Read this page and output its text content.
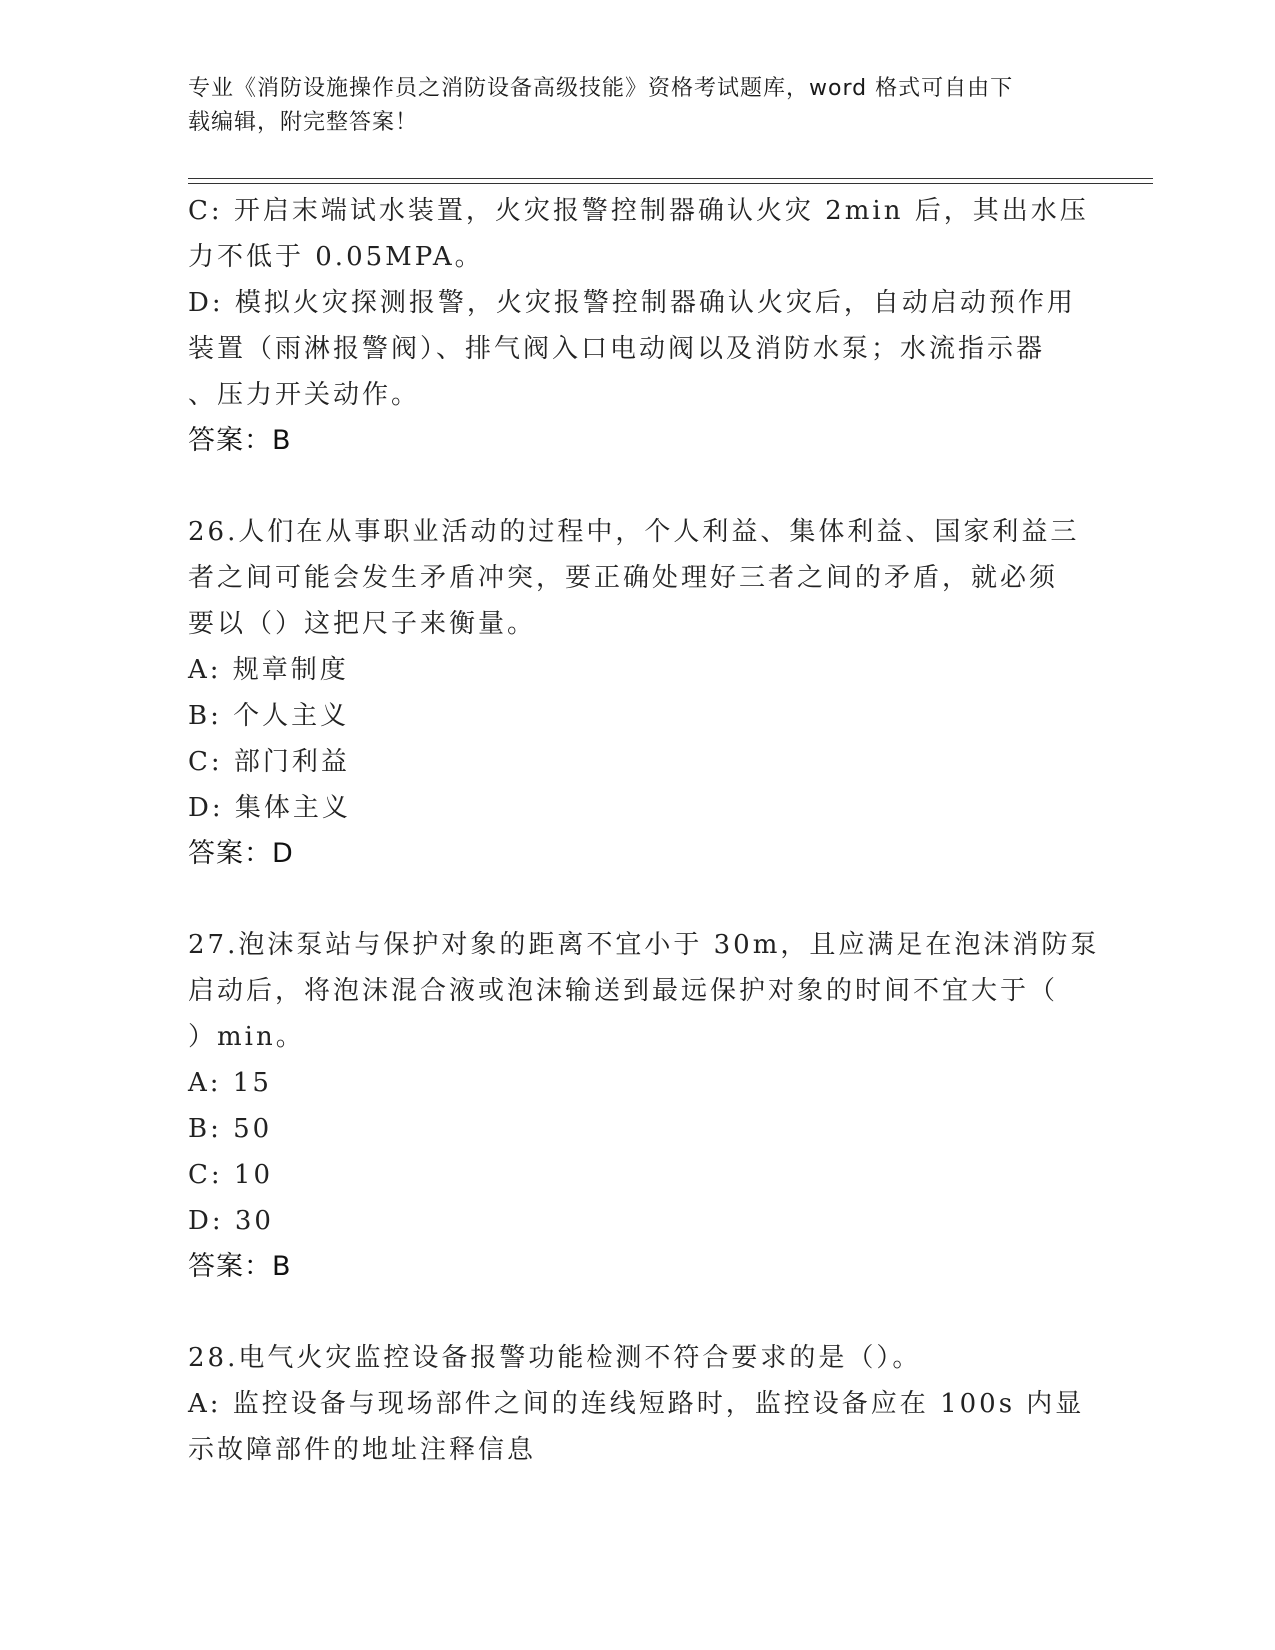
专业《消防设施操作员之消防设备高级技能》资格考试题库，word 格式可自由下
载编辑，附完整答案！
C: 开启末端试水装置，火灾报警控制器确认火灾 2min 后，其出水压
力不低于 0.05MPA。
D: 模拟火灾探测报警，火灾报警控制器确认火灾后，自动启动预作用
装置（雨淋报警阀）、排气阀入口电动阀以及消防水泵；水流指示器
、压力开关动作。
答案：B
26.人们在从事职业活动的过程中，个人利益、集体利益、国家利益三
者之间可能会发生矛盾冲突，要正确处理好三者之间的矛盾，就必须
要以（）这把尺子来衡量。
A: 规章制度
B: 个人主义
C: 部门利益
D: 集体主义
答案：D
27.泡沫泵站与保护对象的距离不宜小于 30m，且应满足在泡沫消防泵
启动后，将泡沫混合液或泡沫输送到最远保护对象的时间不宜大于（
）min。
A: 15
B: 50
C: 10
D: 30
答案：B
28.电气火灾监控设备报警功能检测不符合要求的是（）。
A: 监控设备与现场部件之间的连线短路时，监控设备应在 100s 内显
示故障部件的地址注释信息
